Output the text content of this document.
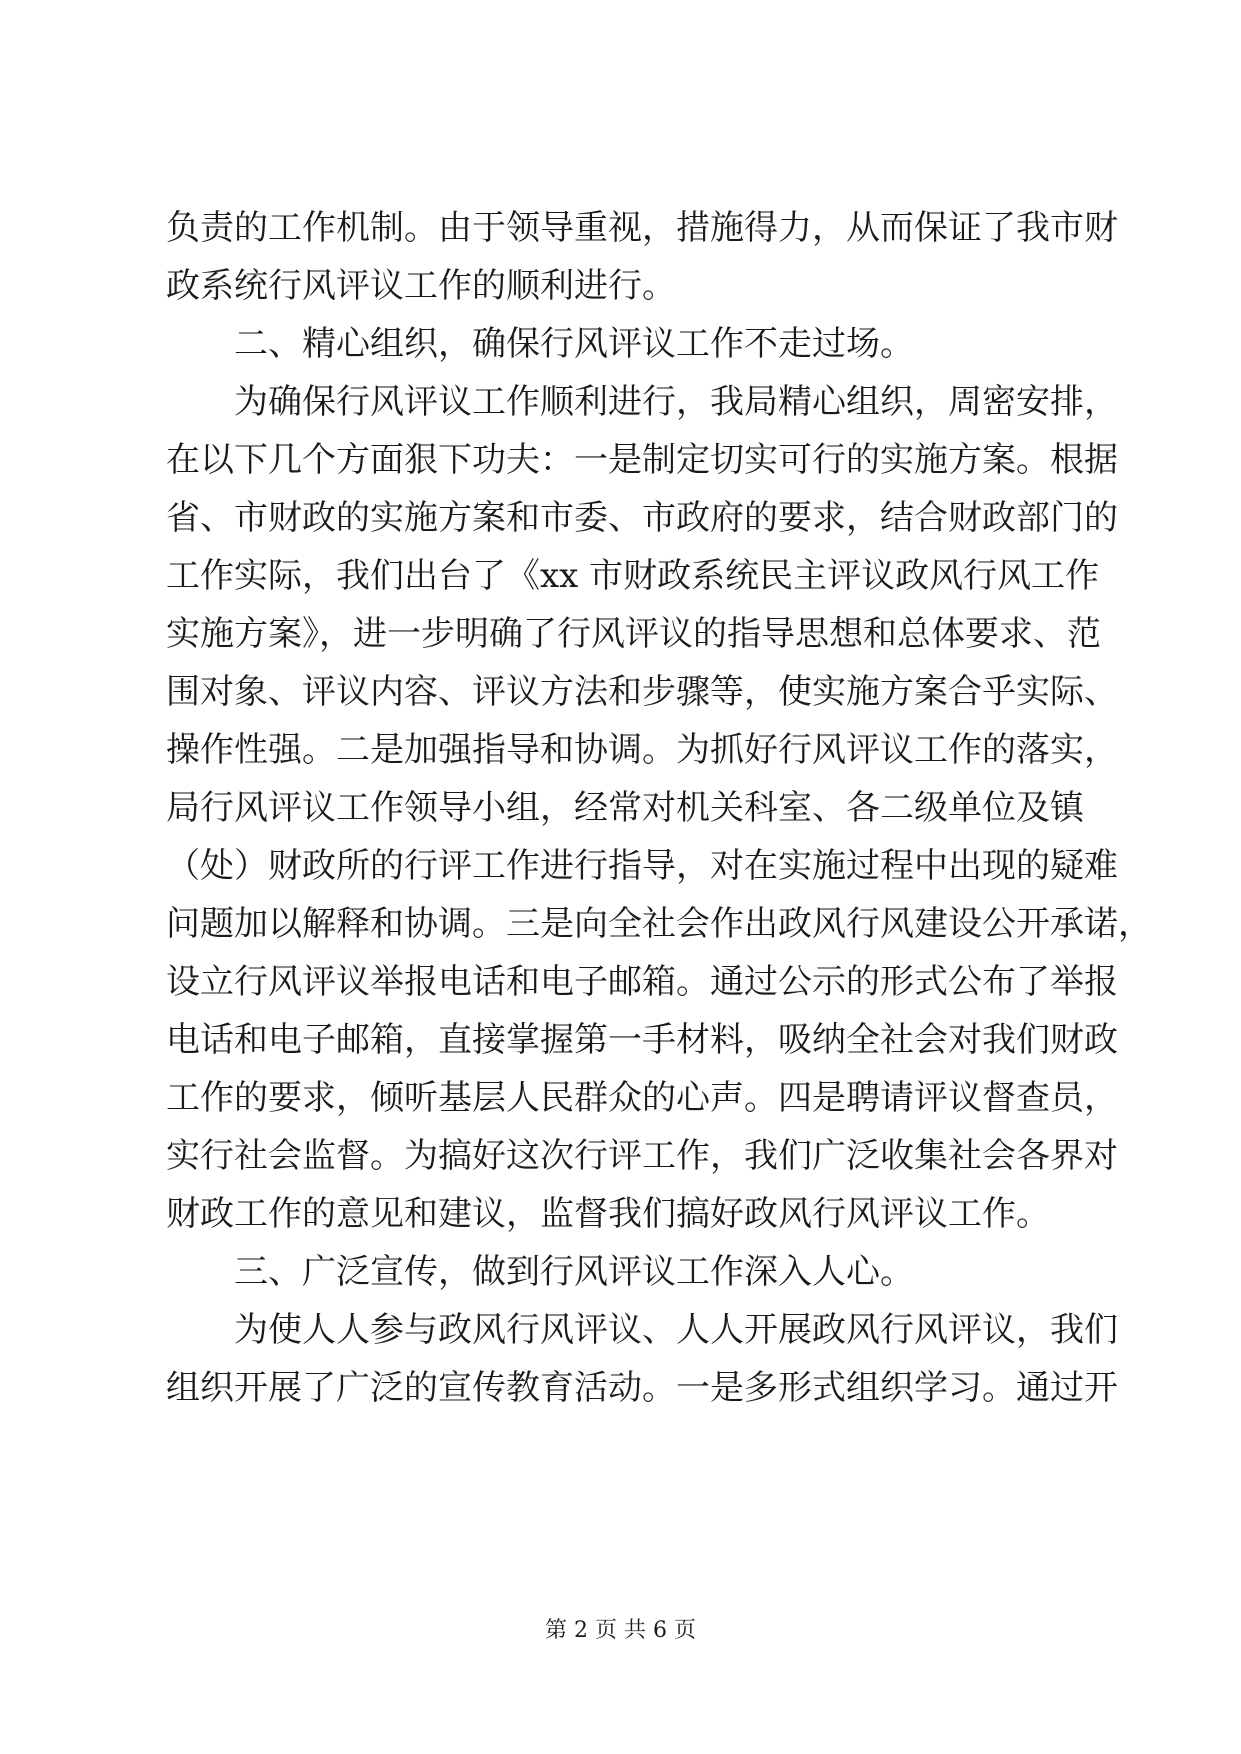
负责的工作机制。由于领导重视，措施得力，从而保证了我市财
政系统行风评议工作的顺利进行。
二、精心组织，确保行风评议工作不走过场。
为确保行风评议工作顺利进行，我局精心组织，周密安排，
在以下几个方面狠下功夫：一是制定切实可行的实施方案。根据
省、市财政的实施方案和市委、市政府的要求，结合财政部门的
工作实际，我们出台了《xx 市财政系统民主评议政风行风工作
实施方案》，进一步明确了行风评议的指导思想和总体要求、范
围对象、评议内容、评议方法和步骤等，使实施方案合乎实际、
操作性强。二是加强指导和协调。为抓好行风评议工作的落实，
局行风评议工作领导小组，经常对机关科室、各二级单位及镇
（处）财政所的行评工作进行指导，对在实施过程中出现的疑难
问题加以解释和协调。三是向全社会作出政风行风建设公开承诺，
设立行风评议举报电话和电子邮箱。通过公示的形式公布了举报
电话和电子邮箱，直接掌握第一手材料，吸纳全社会对我们财政
工作的要求，倾听基层人民群众的心声。四是聘请评议督查员，
实行社会监督。为搞好这次行评工作，我们广泛收集社会各界对
财政工作的意见和建议，监督我们搞好政风行风评议工作。
三、广泛宣传，做到行风评议工作深入人心。
为使人人参与政风行风评议、人人开展政风行风评议，我们
组织开展了广泛的宣传教育活动。一是多形式组织学习。通过开
第 2 页 共 6 页
